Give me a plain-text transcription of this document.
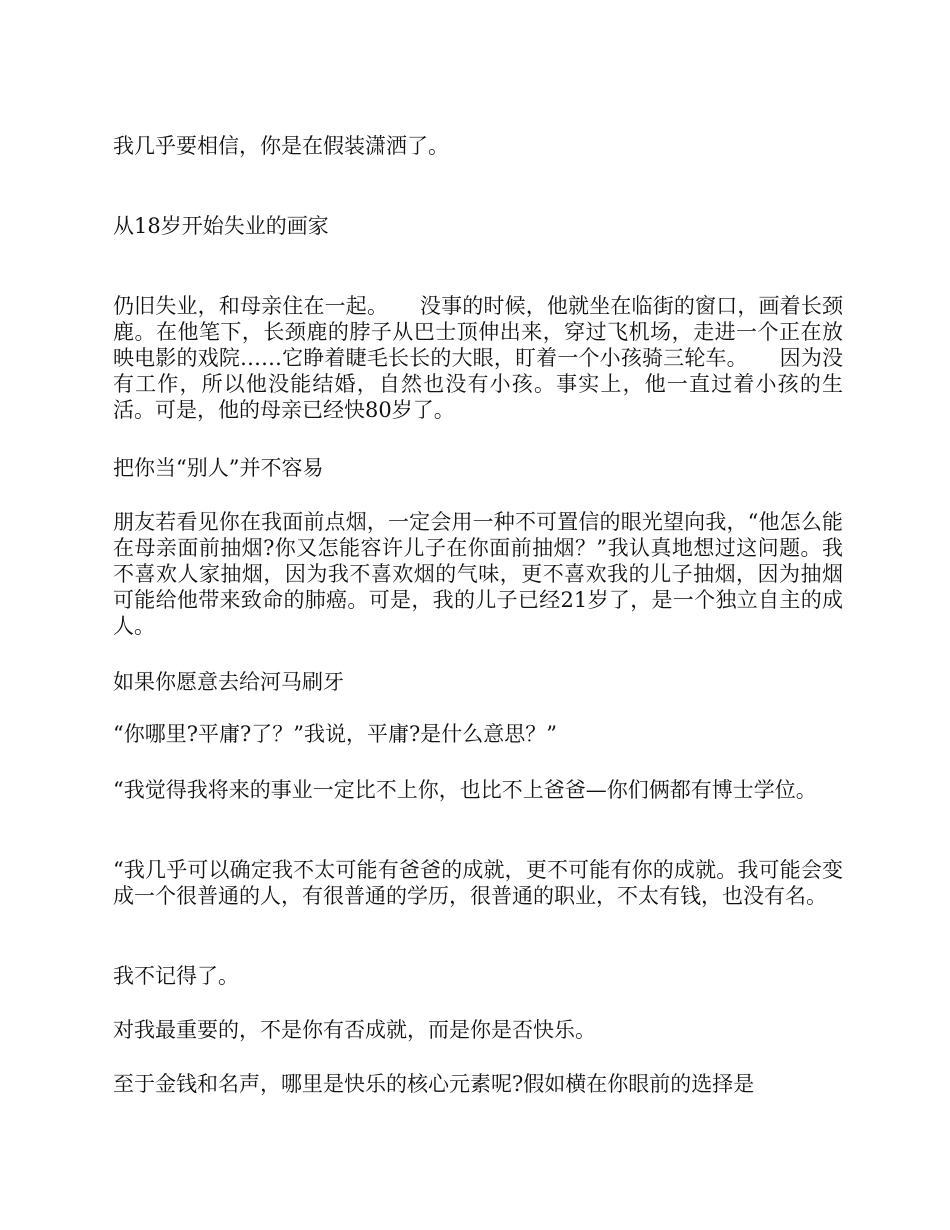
我几乎要相信，你是在假装潇洒了。

从18岁开始失业的画家

仍旧失业，和母亲住在一起。　　没事的时候，他就坐在临街的窗口，画着长颈鹿。在他笔下，长颈鹿的脖子从巴士顶伸出来，穿过飞机场，走进一个正在放映电影的戏院……它睁着睫毛长长的大眼，盯着一个小孩骑三轮车。　　因为没有工作，所以他没能结婚，自然也没有小孩。事实上，他一直过着小孩的生活。可是，他的母亲已经快80岁了。

把你当“别人”并不容易

朋友若看见你在我面前点烟，一定会用一种不可置信的眼光望向我，“他怎么能在母亲面前抽烟?你又怎能容许儿子在你面前抽烟？”我认真地想过这问题。我不喜欢人家抽烟，因为我不喜欢烟的气味，更不喜欢我的儿子抽烟，因为抽烟可能给他带来致命的肺癌。可是，我的儿子已经21岁了，是一个独立自主的成人。

如果你愿意去给河马刷牙

“你哪里?平庸?了？”我说，平庸?是什么意思？”

“我觉得我将来的事业一定比不上你，也比不上爸爸—你们俩都有博士学位。

“我几乎可以确定我不太可能有爸爸的成就，更不可能有你的成就。我可能会变成一个很普通的人，有很普通的学历，很普通的职业，不太有钱，也没有名。

我不记得了。

对我最重要的，不是你有否成就，而是你是否快乐。

至于金钱和名声，哪里是快乐的核心元素呢?假如横在你眼前的选择是
